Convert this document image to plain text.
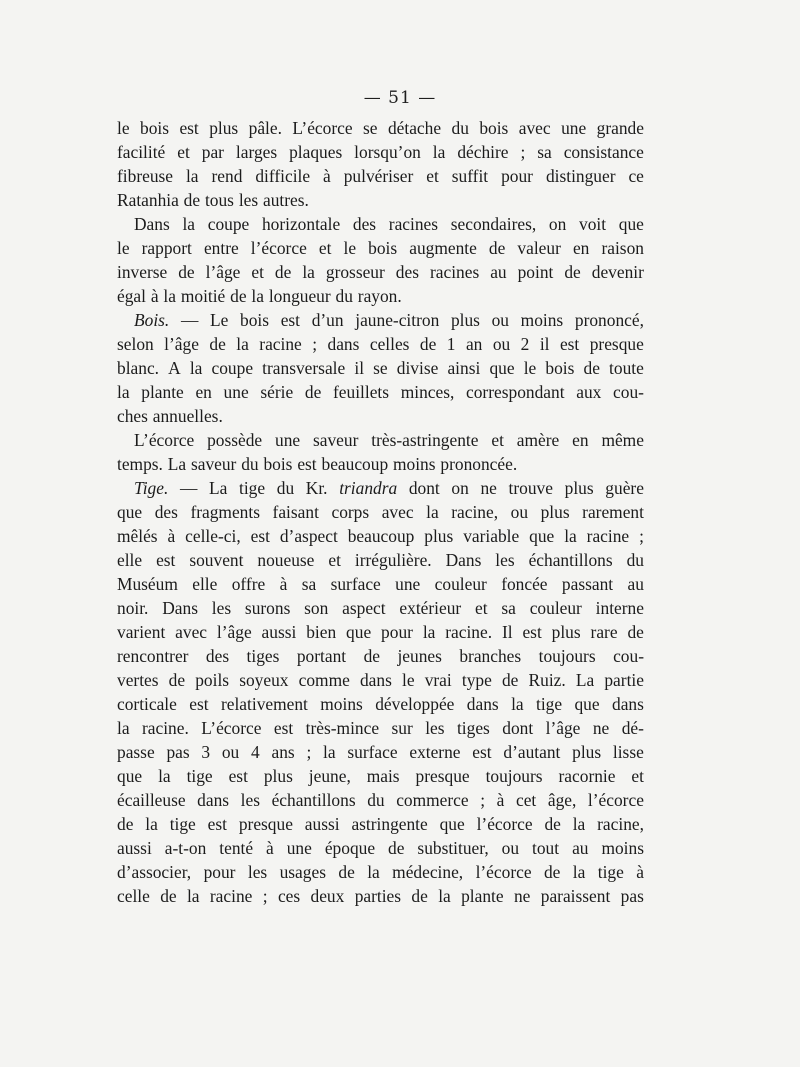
— 51 —
le bois est plus pâle. L’écorce se détache du bois avec une grande
facilité et par larges plaques lorsqu’on la déchire ; sa consistance
fibreuse la rend difficile à pulvériser et suffit pour distinguer ce
Ratanhia de tous les autres.
Dans la coupe horizontale des racines secondaires, on voit que
le rapport entre l’écorce et le bois augmente de valeur en raison
inverse de l’âge et de la grosseur des racines au point de devenir
égal à la moitié de la longueur du rayon.
Bois. — Le bois est d’un jaune-citron plus ou moins prononcé,
selon l’âge de la racine ; dans celles de 1 an ou 2 il est presque
blanc. A la coupe transversale il se divise ainsi que le bois de toute
la plante en une série de feuillets minces, correspondant aux cou-
ches annuelles.
L’écorce possède une saveur très-astringente et amère en même
temps. La saveur du bois est beaucoup moins prononcée.
Tige. — La tige du Kr. triandra dont on ne trouve plus guère
que des fragments faisant corps avec la racine, ou plus rarement
mêlés à celle-ci, est d’aspect beaucoup plus variable que la racine ;
elle est souvent noueuse et irrégulière. Dans les échantillons du
Muséum elle offre à sa surface une couleur foncée passant au
noir. Dans les surons son aspect extérieur et sa couleur interne
varient avec l’âge aussi bien que pour la racine. Il est plus rare de
rencontrer des tiges portant de jeunes branches toujours cou-
vertes de poils soyeux comme dans le vrai type de Ruiz. La partie
corticale est relativement moins développée dans la tige que dans
la racine. L’écorce est très-mince sur les tiges dont l’âge ne dé-
passe pas 3 ou 4 ans ; la surface externe est d’autant plus lisse
que la tige est plus jeune, mais presque toujours racornie et
écailleuse dans les échantillons du commerce ; à cet âge, l’écorce
de la tige est presque aussi astringente que l’écorce de la racine,
aussi a-t-on tenté à une époque de substituer, ou tout au moins
d’associer, pour les usages de la médecine, l’écorce de la tige à
celle de la racine ; ces deux parties de la plante ne paraissent pas
